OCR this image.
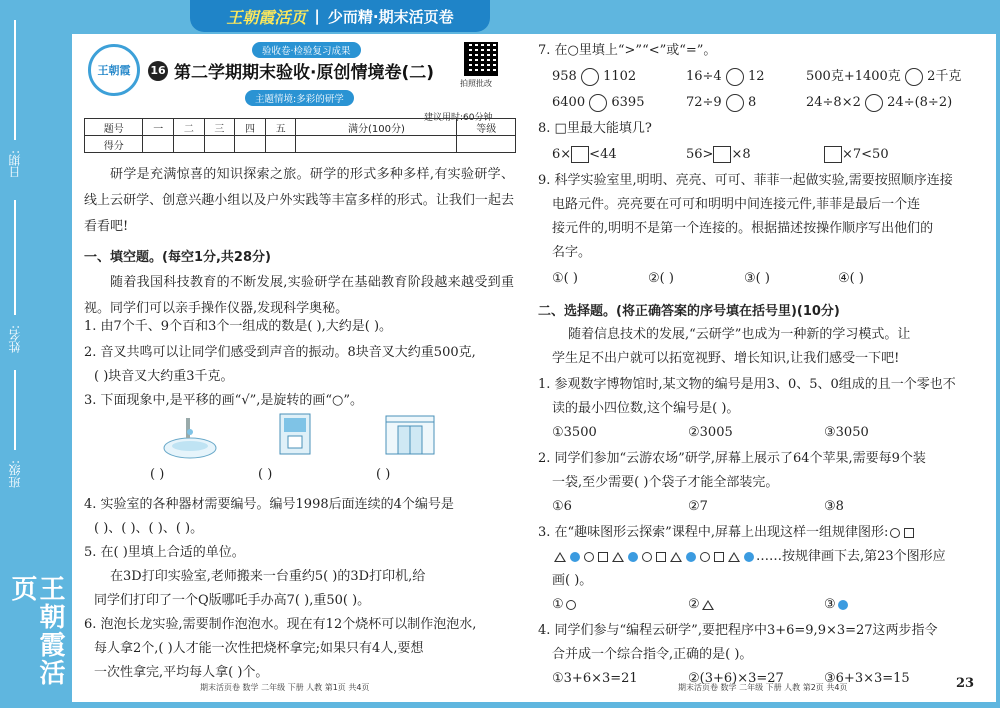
日期:
姓名:
班级:
王朝霞活页
王朝霞活页 | 少而精·期末活页卷
王朝霞
验收卷·检验复习成果
16 第二学期期末验收·原创情境卷(二)
主题情境:多彩的研学
拍照批改
建议用时:60分钟
题号	一	二	三	四	五	满分(100分)	等级
得分							
研学是充满惊喜的知识探索之旅。研学的形式多种多样,有实验研学、线上云研学、创意兴趣小组以及户外实践等丰富多样的形式。让我们一起去看看吧!
一、填空题。(每空1分,共28分)
随着我国科技教育的不断发展,实验研学在基础教育阶段越来越受到重视。同学们可以亲手操作仪器,发现科学奥秘。
1. 由7个千、9个百和3个一组成的数是( ),大约是( )。
2. 音叉共鸣可以让同学们感受到声音的振动。8块音叉大约重500克,
( )块音叉大约重3千克。
3. 下面现象中,是平移的画“√”,是旋转的画“○”。
( )	( )	( )
4. 实验室的各种器材需要编号。编号1998后面连续的4个编号是
( )、( )、( )、( )。
5. 在( )里填上合适的单位。
在3D打印实验室,老师搬来一台重约5( )的3D打印机,给
同学们打印了一个Q版哪吒手办高7( ),重50( )。
6. 泡泡长龙实验,需要制作泡泡水。现在有12个烧杯可以制作泡泡水,
每人拿2个,( )人才能一次性把烧杯拿完;如果只有4人,要想
一次性拿完,平均每人拿( )个。
期末活页卷 数学 二年级 下册 人教 第1页 共4页
7. 在○里填上“>”“<”或“=”。
958 1102	16÷4 12	500克+1400克 2千克
6400 6395	72÷9 8	24÷8×2 24÷(8÷2)
8. □里最大能填几?
6× <44	56> ×8	×7<50
9. 科学实验室里,明明、亮亮、可可、菲菲一起做实验,需要按照顺序连接
电路元件。亮亮要在可可和明明中间连接元件,菲菲是最后一个连
接元件的,明明不是第一个连接的。根据描述按操作顺序写出他们的
名字。
①( )	②( )	③( )	④( )
二、选择题。(将正确答案的序号填在括号里)(10分)
随着信息技术的发展,“云研学”也成为一种新的学习模式。让
学生足不出户就可以拓宽视野、增长知识,让我们感受一下吧!
1. 参观数字博物馆时,某文物的编号是用3、0、5、0组成的且一个零也不
读的最小四位数,这个编号是( )。
①3500	②3005	③3050
2. 同学们参加“云游农场”研学,屏幕上展示了64个苹果,需要每9个装
一袋,至少需要( )个袋子才能全部装完。
①6	②7	③8
3. 在“趣味图形云探索”课程中,屏幕上出现这样一组规律图形:
……按规律画下去,第23个图形应
画( )。
①	②	③
4. 同学们参与“编程云研学”,要把程序中3+6=9,9×3=27这两步指令
合并成一个综合指令,正确的是( )。
①3+6×3=21	②(3+6)×3=27	③6+3×3=15
期末活页卷 数学 二年级 下册 人教 第2页 共4页	23
